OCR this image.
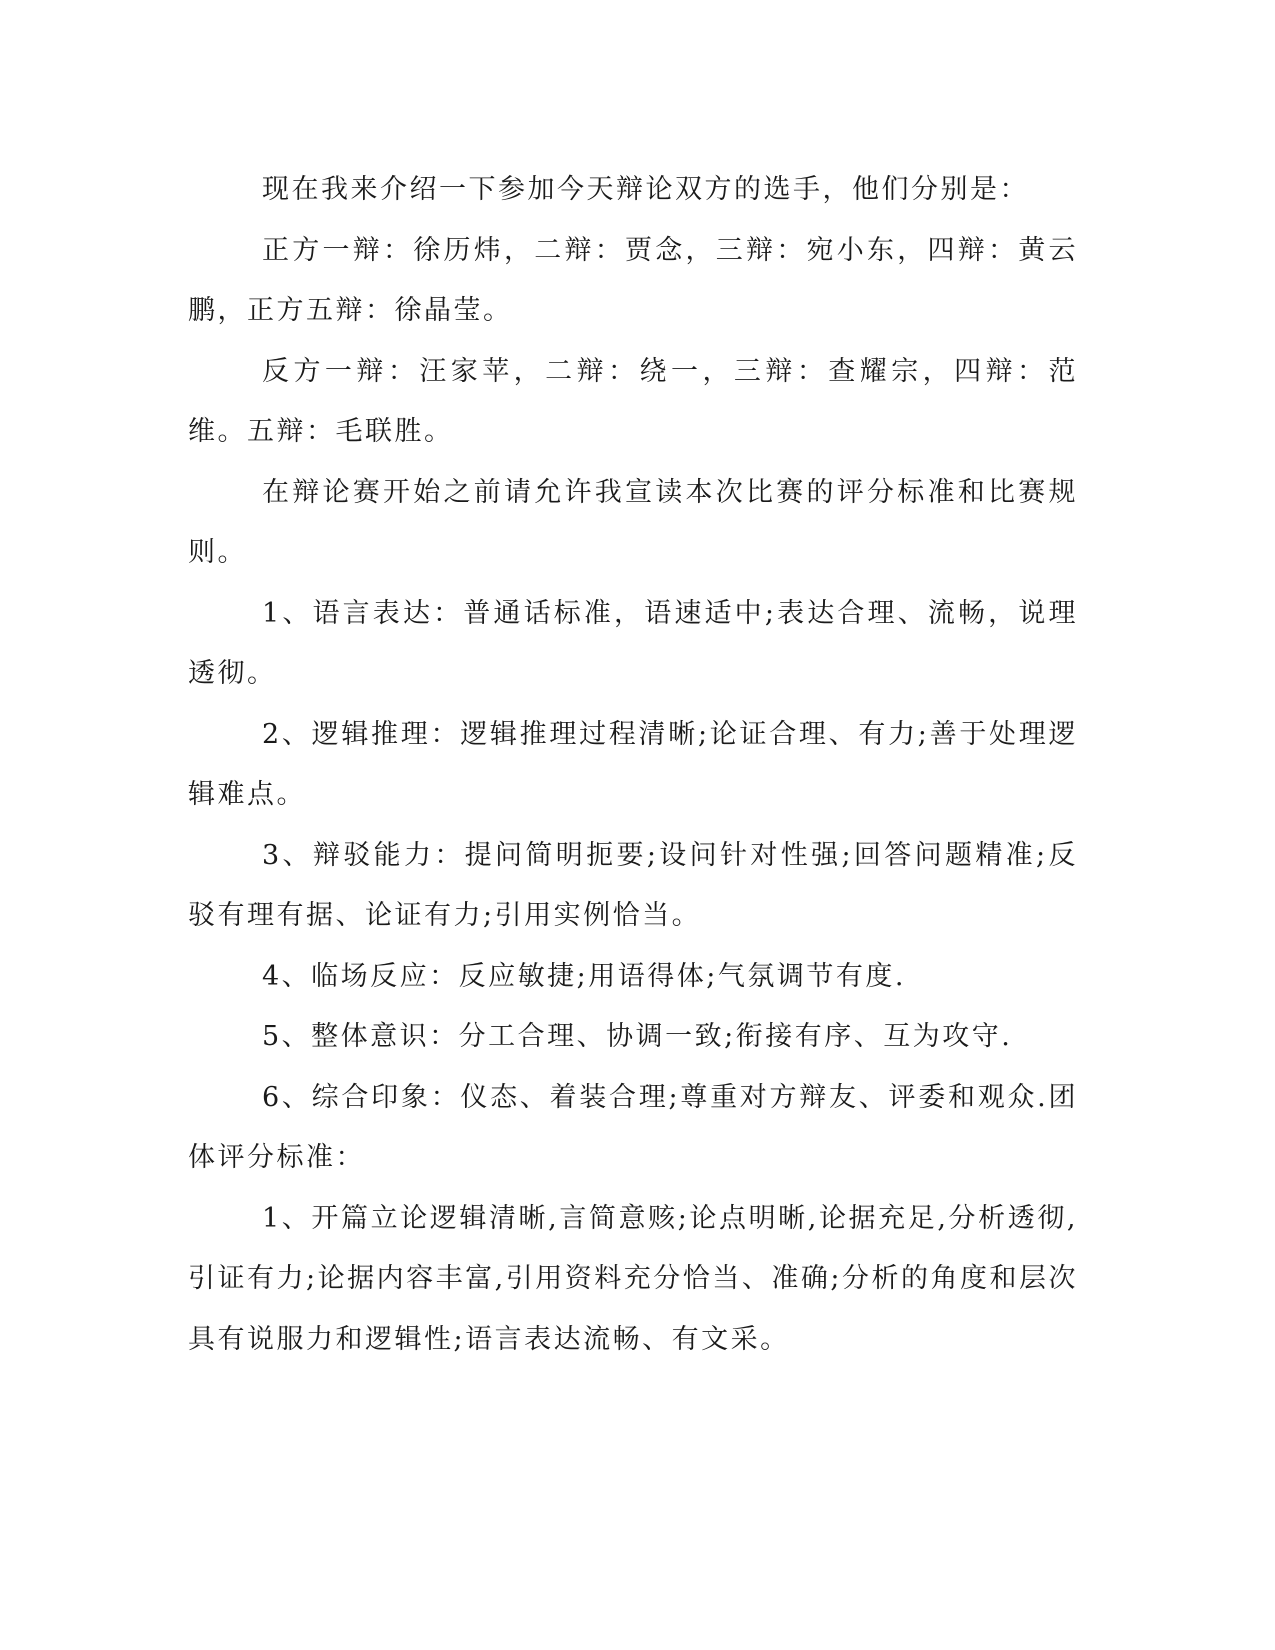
现在我来介绍一下参加今天辩论双方的选手，他们分别是：

正方一辩：徐历炜，二辩：贾念，三辩：宛小东，四辩：黄云鹏，正方五辩：徐晶莹。

反方一辩：汪家苹，二辩：绕一，三辩：查耀宗，四辩：范维。五辩：毛联胜。

在辩论赛开始之前请允许我宣读本次比赛的评分标准和比赛规则。

1、语言表达：普通话标准，语速适中;表达合理、流畅，说理透彻。

2、逻辑推理：逻辑推理过程清晰;论证合理、有力;善于处理逻辑难点。

3、辩驳能力：提问简明扼要;设问针对性强;回答问题精准;反驳有理有据、论证有力;引用实例恰当。

4、临场反应：反应敏捷;用语得体;气氛调节有度.

5、整体意识：分工合理、协调一致;衔接有序、互为攻守.

6、综合印象：仪态、着装合理;尊重对方辩友、评委和观众.团体评分标准：

1、开篇立论逻辑清晰,言简意赅;论点明晰,论据充足,分析透彻,引证有力;论据内容丰富,引用资料充分恰当、准确;分析的角度和层次具有说服力和逻辑性;语言表达流畅、有文采。
